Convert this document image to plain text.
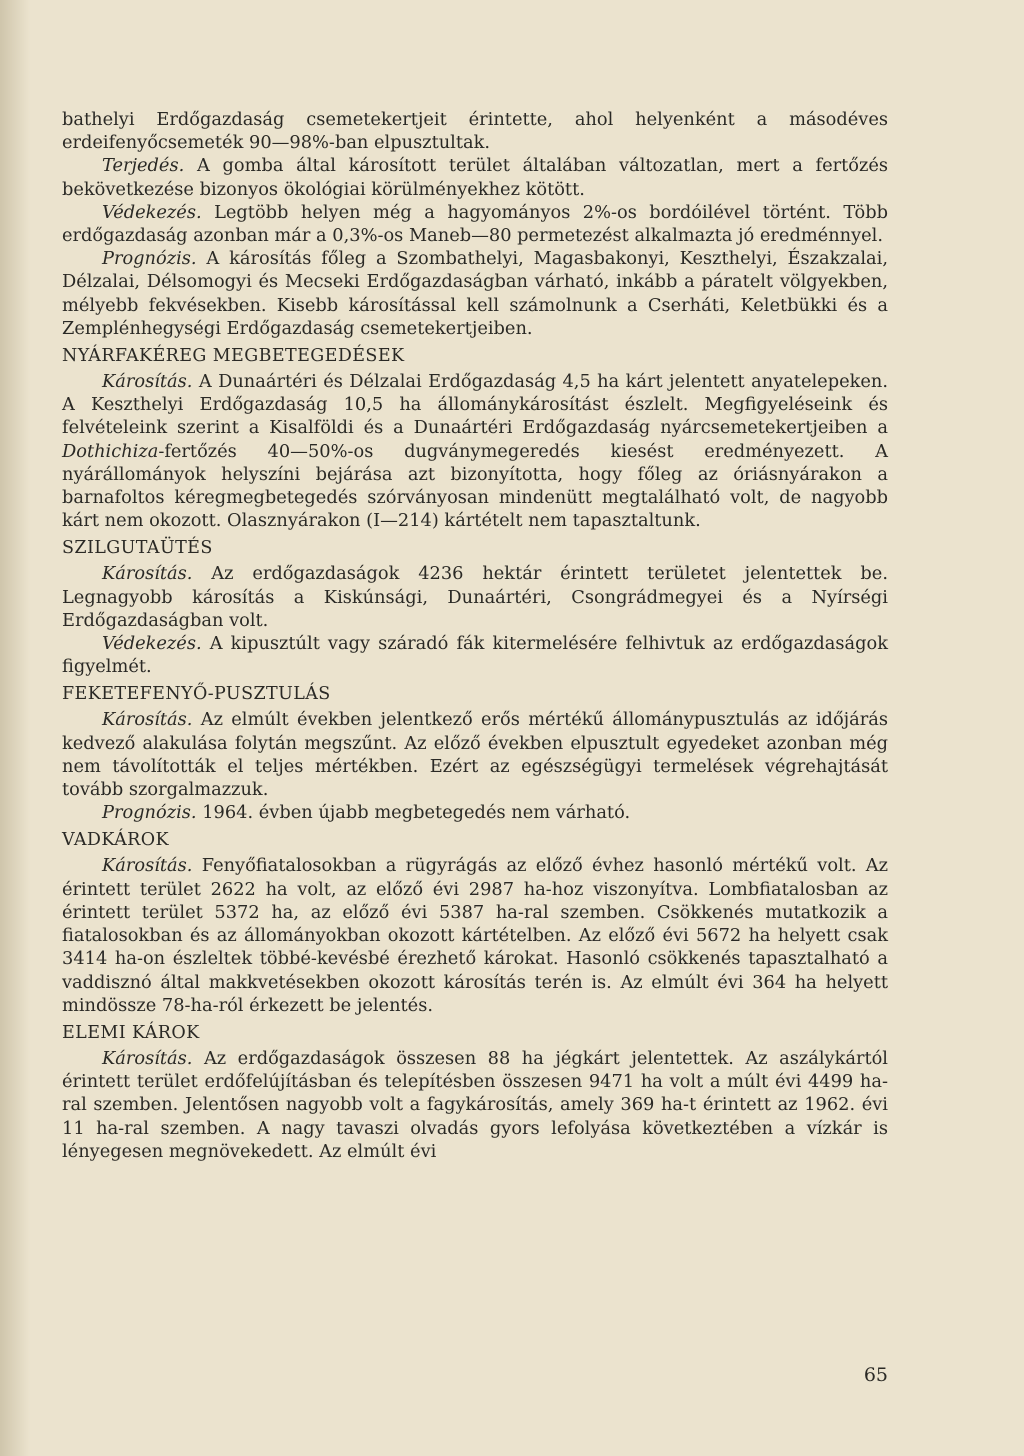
bathelyi Erdőgazdaság csemetekertjeit érintette, ahol helyenként a másodéves erdeifenyőcsemeték 90—98%-ban elpusztultak.

Terjedés. A gomba által károsított terület általában változatlan, mert a fertőzés bekövetkezése bizonyos ökológiai körülményekhez kötött.

Védekezés. Legtöbb helyen még a hagyományos 2%-os bordóilével történt. Több erdőgazdaság azonban már a 0,3%-os Maneb—80 permetezést alkalmazta jó eredménnyel.

Prognózis. A károsítás főleg a Szombathelyi, Magasbakonyi, Keszthelyi, Északzalai, Délzalai, Délsomogyi és Mecseki Erdőgazdaságban várható, inkább a páratelt völgyekben, mélyebb fekvésekben. Kisebb károsítással kell számolnunk a Cserháti, Keletbükki és a Zemplénhegységi Erdőgazdaság csemetekertjeiben.

NYÁRFAKÉREG MEGBETEGEDÉSEK

Károsítás. A Dunaártéri és Délzalai Erdőgazdaság 4,5 ha kárt jelentett anyatelepeken. A Keszthelyi Erdőgazdaság 10,5 ha állománykárosítást észlelt. Megfigyeléseink és felvételeink szerint a Kisalföldi és a Dunaártéri Erdőgazdaság nyárcsemetekertjeiben a Dothichiza-fertőzés 40—50%-os dugványmegeredés kiesést eredményezett. A nyárállományok helyszíni bejárása azt bizonyította, hogy főleg az óriásnyárakon a barnafoltos kéregmegbetegedés szórványosan mindenütt megtalálható volt, de nagyobb kárt nem okozott. Olasznyárakon (I—214) kártételt nem tapasztaltunk.

SZILGUTAÜTÉS

Károsítás. Az erdőgazdaságok 4236 hektár érintett területet jelentettek be. Legnagyobb károsítás a Kiskúnsági, Dunaártéri, Csongrádmegyei és a Nyírségi Erdőgazdaságban volt.

Védekezés. A kipusztúlt vagy száradó fák kitermelésére felhivtuk az erdőgazdaságok figyelmét.

FEKETEFENYŐ-PUSZTULÁS

Károsítás. Az elmúlt években jelentkező erős mértékű állománypusztulás az időjárás kedvező alakulása folytán megszűnt. Az előző években elpusztult egyedeket azonban még nem távolították el teljes mértékben. Ezért az egészségügyi termelések végrehajtását tovább szorgalmazzuk.

Prognózis. 1964. évben újabb megbetegedés nem várható.

VADKÁROK

Károsítás. Fenyőfiatalosokban a rügyrágás az előző évhez hasonló mértékű volt. Az érintett terület 2622 ha volt, az előző évi 2987 ha-hoz viszonyítva. Lombfiatalosban az érintett terület 5372 ha, az előző évi 5387 ha-ral szemben. Csökkenés mutatkozik a fiatalosokban és az állományokban okozott kártételben. Az előző évi 5672 ha helyett csak 3414 ha-on észleltek többé-kevésbé érezhető károkat. Hasonló csökkenés tapasztalható a vaddisznó által makkvetésekben okozott károsítás terén is. Az elmúlt évi 364 ha helyett mindössze 78-ha-ról érkezett be jelentés.

ELEMI KÁROK

Károsítás. Az erdőgazdaságok összesen 88 ha jégkárt jelentettek. Az aszálykártól érintett terület erdőfelújításban és telepítésben összesen 9471 ha volt a múlt évi 4499 ha-ral szemben. Jelentősen nagyobb volt a fagykárosítás, amely 369 ha-t érintett az 1962. évi 11 ha-ral szemben. A nagy tavaszi olvadás gyors lefolyása következtében a vízkár is lényegesen megnövekedett. Az elmúlt évi

65
